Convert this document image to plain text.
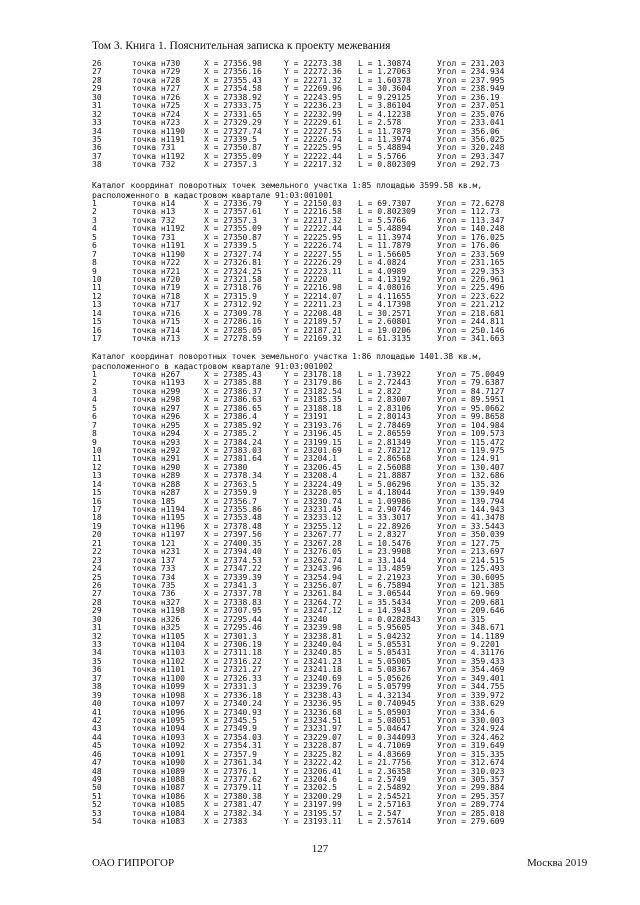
Том 3. Книга 1. Пояснительная записка к проекту межевания
26	точка н730	X = 27356.98	Y = 22273.38 L = 1.30874	Угол = 231.203
27	точка н729	X = 27356.16	Y = 22272.36 L = 1.27063	Угол = 234.934
28	точка н728	X = 27355.43	Y = 22271.32 L = 1.60378	Угол = 237.995
29	точка н727	X = 27354.58	Y = 22269.96 L = 30.3604	Угол = 238.949
30	точка н726	X = 27338.92	Y = 22243.95 L = 9.29125	Угол = 236.19
31	точка н725	X = 27333.75	Y = 22236.23 L = 3.86104	Угол = 237.051
32	точка н724	X = 27331.65	Y = 22232.99 L = 4.12238	Угол = 235.076
33	точка н723	X = 27329.29	Y = 22229.61 L = 2.578	Угол = 233.041
34	точка н1190 X = 27327.74	Y = 22227.55 L = 11.7879	Угол = 356.06
35	точка н1191 X = 27339.5	Y = 22226.74 L = 11.3974	Угол = 356.025
36	точка 731	X = 27350.87	Y = 22225.95 L = 5.48894	Угол = 320.248
37	точка н1192 X = 27355.09	Y = 22222.44 L = 5.5766	Угол = 293.347
38	точка 732	X = 27357.3	Y = 22217.32 L = 0.802309	Угол = 292.73
Каталог координат поворотных точек земельного участка 1:85 площадью 3599.58 кв.м,
расположенного в кадастровом квартале 91:03:001001
1	точка н14	X = 27336.79	Y = 22150.03 L = 69.7307	Угол = 72.6278
2	точка н13	X = 27357.61	Y = 22216.58 L = 0.802309	Угол = 112.73
3	точка 732	X = 27357.3	Y = 22217.32 L = 5.5766	Угол = 113.347
4	точка н1192 X = 27355.09	Y = 22222.44 L = 5.48894	Угол = 140.248
5	точка 731	X = 27350.87	Y = 22225.95 L = 11.3974	Угол = 176.025
6	точка н1191 X = 27339.5	Y = 22226.74 L = 11.7879	Угол = 176.06
7	точка н1190 X = 27327.74	Y = 22227.55 L = 1.56605	Угол = 233.569
8	точка н722	X = 27326.81	Y = 22226.29 L = 4.0824	Угол = 231.165
9	точка н721	X = 27324.25	Y = 22223.11 L = 4.0989	Угол = 229.353
10	точка н720	X = 27321.58	Y = 22220	L = 4.13192	Угол = 226.961
11	точка н719	X = 27318.76	Y = 22216.98 L = 4.08016	Угол = 225.496
12	точка н718	X = 27315.9	Y = 22214.07 L = 4.11655	Угол = 223.622
13	точка н717	X = 27312.92	Y = 22211.23 L = 4.17398	Угол = 221.212
14	точка н716	X = 27309.78	Y = 22208.48 L = 30.2571	Угол = 218.681
15	точка н715	X = 27286.16	Y = 22189.57 L = 2.60801	Угол = 244.811
16	точка н714	X = 27285.05	Y = 22187.21 L = 19.0206	Угол = 250.146
17	точка н713	X = 27278.59	Y = 22169.32 L = 61.3135	Угол = 341.663
Каталог координат поворотных точек земельного участка 1:86 площадью 1401.38 кв.м,
расположенного в кадастровом квартале 91:03:001002
1	точка н267	X = 27385.43	Y = 23178.18 L = 1.73922	Угол = 75.0049
2	точка н1193 X = 27385.88	Y = 23179.86 L = 2.72443	Угол = 79.6387
3	точка н299	X = 27386.37	Y = 23182.54 L = 2.822	Угол = 84.7127
4	точка н298	X = 27386.63	Y = 23185.35 L = 2.83007	Угол = 89.5951
5	точка н297	X = 27386.65	Y = 23188.18 L = 2.83106	Угол = 95.0662
6	точка н296	X = 27386.4	Y = 23191	L = 2.80143	Угол = 99.8658
7	точка н295	X = 27385.92	Y = 23193.76 L = 2.78469	Угол = 104.984
8	точка н294	X = 27385.2	Y = 23196.45 L = 2.86559	Угол = 109.573
9	точка н293	X = 27384.24	Y = 23199.15 L = 2.81349	Угол = 115.472
10	точка н292	X = 27383.03	Y = 23201.69 L = 2.78212	Угол = 119.975
11	точка н291	X = 27381.64	Y = 23204.1	L = 2.86568	Угол = 124.91
12	точка н290	X = 27380	Y = 23206.45 L = 2.56088	Угол = 130.407
13	точка н289	X = 27378.34	Y = 23208.4	L = 21.8887	Угол = 132.686
14	точка н288	X = 27363.5	Y = 23224.49 L = 5.06296	Угол = 135.32
15	точка н287	X = 27359.9	Y = 23228.05 L = 4.18044	Угол = 139.949
16	точка 185	X = 27356.7	Y = 23230.74 L = 1.09986	Угол = 139.794
17	точка н1194 X = 27355.86	Y = 23231.45 L = 2.90746	Угол = 144.943
18	точка н1195 X = 27353.48	Y = 23233.12 L = 33.3017	Угол = 41.3478
19	точка н1196 X = 27378.48	Y = 23255.12 L = 22.8926	Угол = 33.5443
20	точка н1197 X = 27397.56	Y = 23267.77 L = 2.8327	Угол = 350.039
21	точка 121	X = 27400.35	Y = 23267.28 L = 10.5476	Угол = 127.75
22	точка н231	X = 27394.40	Y = 23276.05 L = 23.9908	Угол = 213.697
23	точка 137	X = 27374.53	Y = 23262.74 L = 33.144	Угол = 214.515
24	точка 733	X = 27347.22	Y = 23243.96 L = 13.4859	Угол = 125.493
25	точка 734	X = 27339.39	Y = 23254.94 L = 2.21923	Угол = 30.6095
26	точка 735	X = 27341.3	Y = 23256.07 L = 6.75894	Угол = 121.385
27	точка 736	X = 27337.78	Y = 23261.84 L = 3.06544	Угол = 69.969
28	точка н327	X = 27338.83	Y = 23264.72 L = 35.5434	Угол = 209.681
29	точка н1198 X = 27307.95	Y = 23247.12 L = 14.3943	Угол = 209.646
30	точка н326	X = 27295.44	Y = 23240	L = 0.0282843 Угол = 315
31	точка н325	X = 27295.46	Y = 23239.98 L = 5.95605	Угол = 348.671
32	точка н1105 X = 27301.3	Y = 23238.81 L = 5.04232	Угол = 14.1189
33	точка н1104 X = 27306.19	Y = 23240.04 L = 5.05531	Угол = 9.2201
34	точка н1103 X = 27311.18	Y = 23240.85 L = 5.05431	Угол = 4.31176
35	точка н1102 X = 27316.22	Y = 23241.23 L = 5.05005	Угол = 359.433
36	точка н1101 X = 27321.27	Y = 23241.18 L = 5.08367	Угол = 354.469
37	точка н1100 X = 27326.33	Y = 23240.69 L = 5.05626	Угол = 349.401
38	точка н1099 X = 27331.3	Y = 23239.76 L = 5.05799	Угол = 344.755
39	точка н1098 X = 27336.18	Y = 23238.43 L = 4.32134	Угол = 339.972
40	точка н1097 X = 27340.24	Y = 23236.95 L = 0.740945	Угол = 338.629
41	точка н1096 X = 27340.93	Y = 23236.68 L = 5.05903	Угол = 334.6
42	точка н1095 X = 27345.5	Y = 23234.51 L = 5.08051	Угол = 330.003
43	точка н1094 X = 27349.9	Y = 23231.97 L = 5.04647	Угол = 324.924
44	точка н1093 X = 27354.03	Y = 23229.07 L = 0.344093	Угол = 324.462
45	точка н1092 X = 27354.31	Y = 23228.87 L = 4.71069	Угол = 319.649
46	точка н1091 X = 27357.9	Y = 23225.82 L = 4.83669	Угол = 315.335
47	точка н1090 X = 27361.34	Y = 23222.42 L = 21.7756	Угол = 312.674
48	точка н1089 X = 27376.1	Y = 23206.41 L = 2.36358	Угол = 310.023
49	точка н1088 X = 27377.62	Y = 23204.6	L = 2.5749	Угол = 305.357
50	точка н1087 X = 27379.11	Y = 23202.5	L = 2.54892	Угол = 299.884
51	точка н1086 X = 27380.38	Y = 23200.29 L = 2.54521	Угол = 295.357
52	точка н1085 X = 27381.47	Y = 23197.99 L = 2.57163	Угол = 289.774
53	точка н1084 X = 27382.34	Y = 23195.57 L = 2.547	Угол = 285.018
54	точка н1083 X = 27383	Y = 23193.11 L = 2.57614	Угол = 279.609
127
ОАО ГИПРОГОР	Москва 2019
